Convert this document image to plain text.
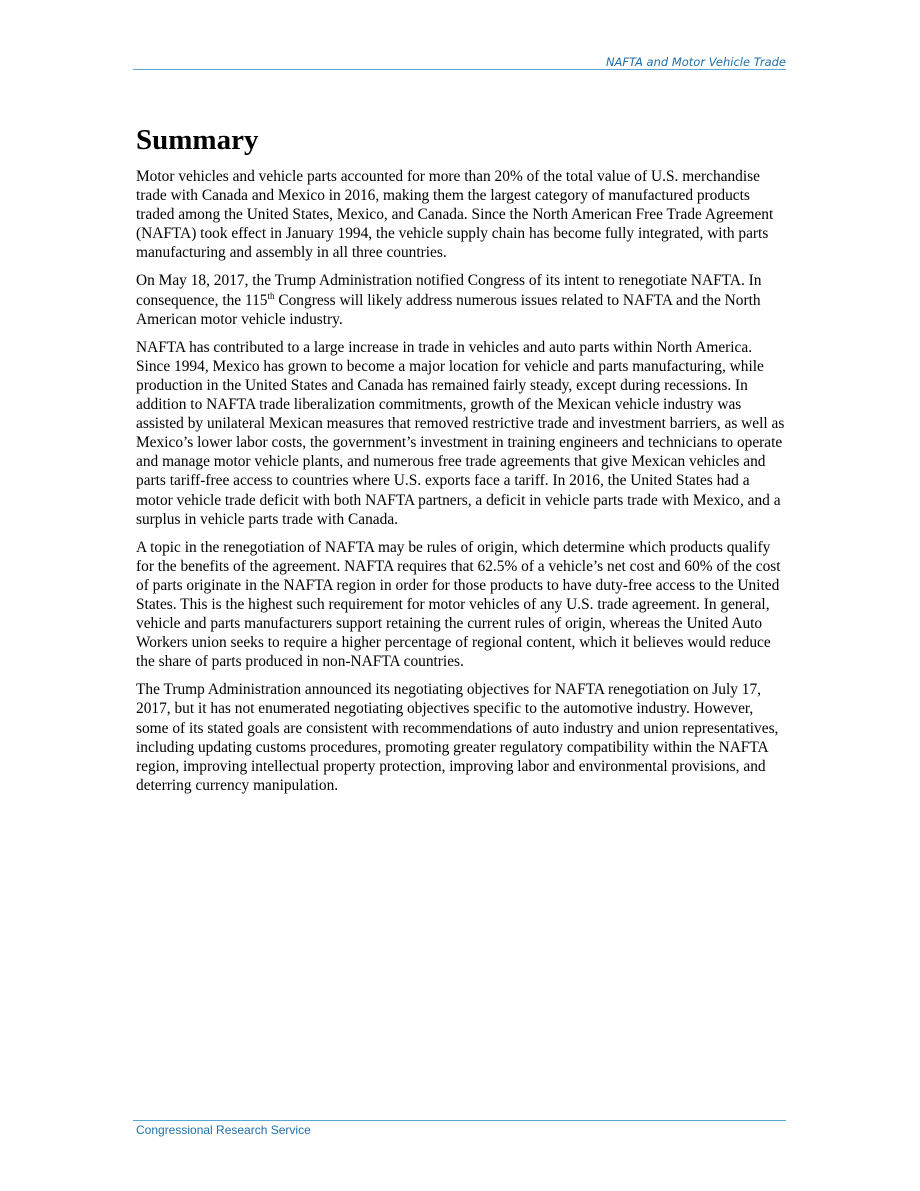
NAFTA and Motor Vehicle Trade
Summary

Motor vehicles and vehicle parts accounted for more than 20% of the total value of U.S. merchandise trade with Canada and Mexico in 2016, making them the largest category of manufactured products traded among the United States, Mexico, and Canada. Since the North American Free Trade Agreement (NAFTA) took effect in January 1994, the vehicle supply chain has become fully integrated, with parts manufacturing and assembly in all three countries.

On May 18, 2017, the Trump Administration notified Congress of its intent to renegotiate NAFTA. In consequence, the 115th Congress will likely address numerous issues related to NAFTA and the North American motor vehicle industry.

NAFTA has contributed to a large increase in trade in vehicles and auto parts within North America. Since 1994, Mexico has grown to become a major location for vehicle and parts manufacturing, while production in the United States and Canada has remained fairly steady, except during recessions. In addition to NAFTA trade liberalization commitments, growth of the Mexican vehicle industry was assisted by unilateral Mexican measures that removed restrictive trade and investment barriers, as well as Mexico’s lower labor costs, the government’s investment in training engineers and technicians to operate and manage motor vehicle plants, and numerous free trade agreements that give Mexican vehicles and parts tariff-free access to countries where U.S. exports face a tariff. In 2016, the United States had a motor vehicle trade deficit with both NAFTA partners, a deficit in vehicle parts trade with Mexico, and a surplus in vehicle parts trade with Canada.

A topic in the renegotiation of NAFTA may be rules of origin, which determine which products qualify for the benefits of the agreement. NAFTA requires that 62.5% of a vehicle’s net cost and 60% of the cost of parts originate in the NAFTA region in order for those products to have duty-free access to the United States. This is the highest such requirement for motor vehicles of any U.S. trade agreement. In general, vehicle and parts manufacturers support retaining the current rules of origin, whereas the United Auto Workers union seeks to require a higher percentage of regional content, which it believes would reduce the share of parts produced in non-NAFTA countries.

The Trump Administration announced its negotiating objectives for NAFTA renegotiation on July 17, 2017, but it has not enumerated negotiating objectives specific to the automotive industry. However, some of its stated goals are consistent with recommendations of auto industry and union representatives, including updating customs procedures, promoting greater regulatory compatibility within the NAFTA region, improving intellectual property protection, improving labor and environmental provisions, and deterring currency manipulation.

Congressional Research Service
